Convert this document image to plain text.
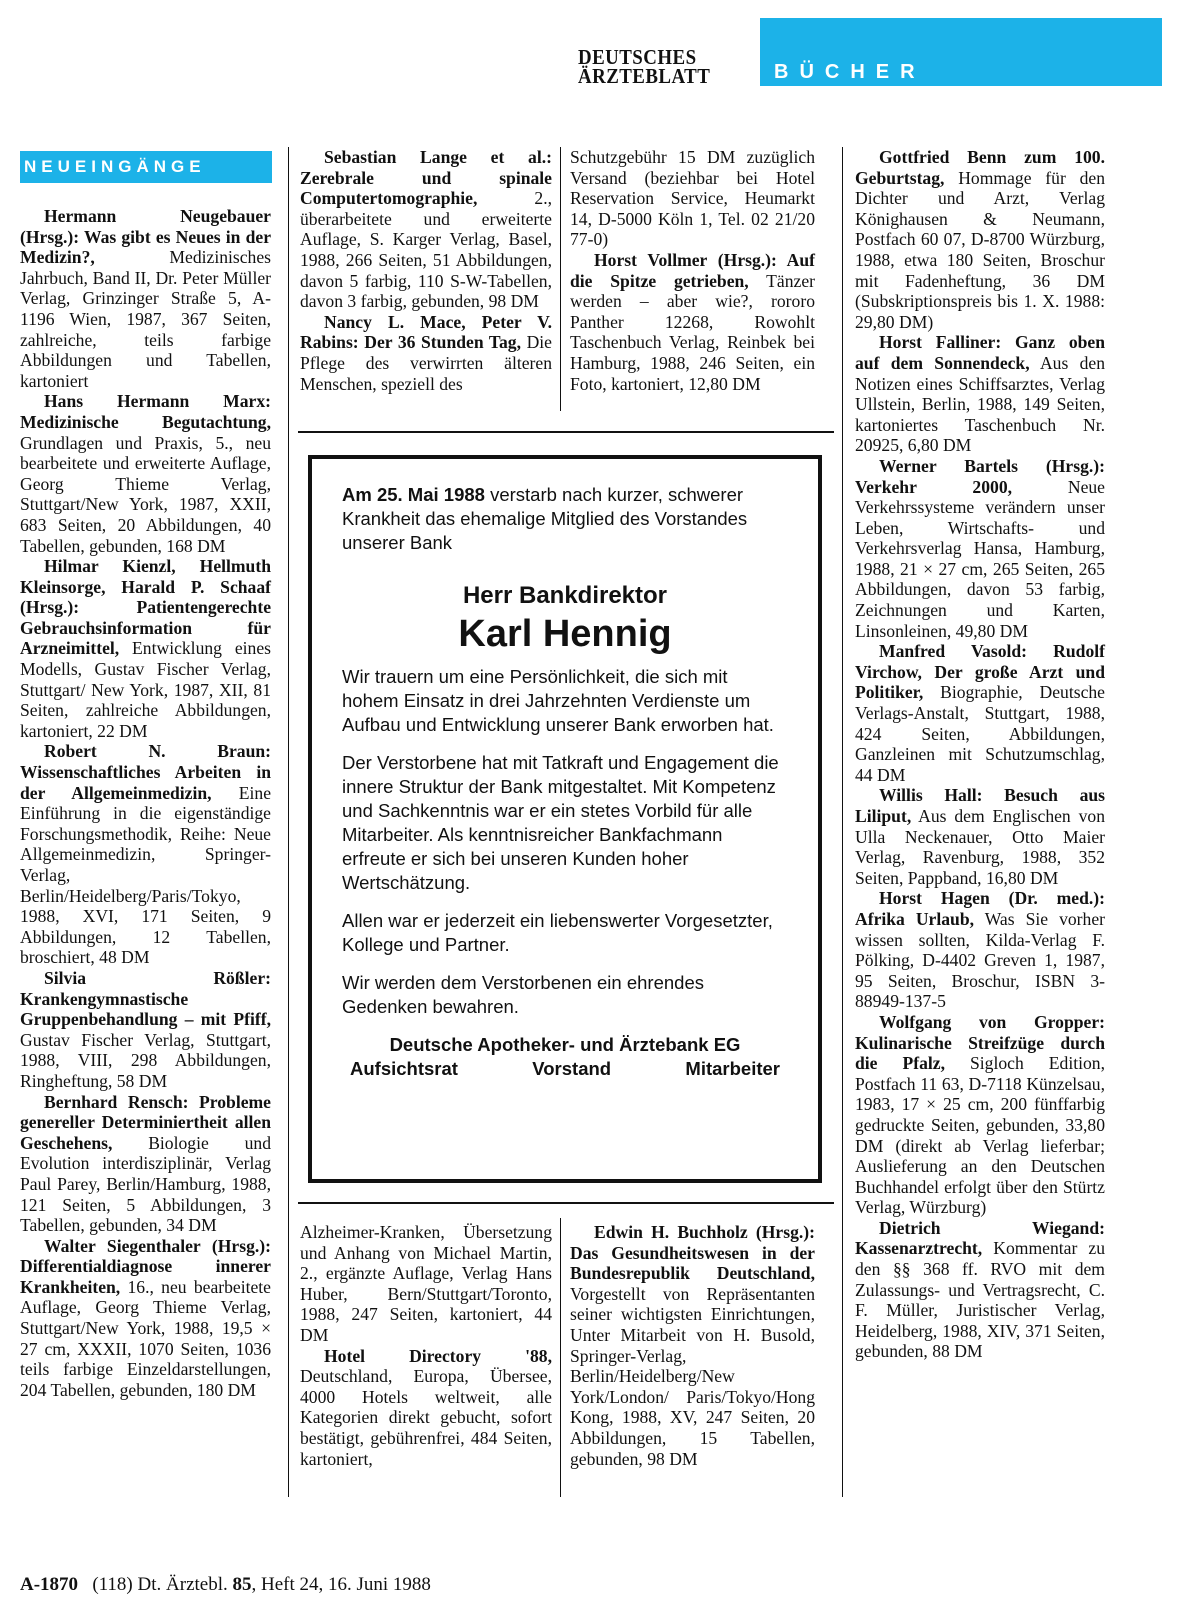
DEUTSCHES
ÄRZTEBLATT	BÜCHER
NEUEINGÄNGE

Hermann Neugebauer (Hrsg.): Was gibt es Neues in der Medizin?, Medizinisches Jahrbuch, Band II, Dr. Peter Müller Verlag, Grinzinger Straße 5, A-1196 Wien, 1987, 367 Seiten, zahlreiche, teils farbige Abbildungen und Tabellen, kartoniert

Hans Hermann Marx: Medizinische Begutachtung, Grundlagen und Praxis, 5., neu bearbeitete und erweiterte Auflage, Georg Thieme Verlag, Stuttgart/New York, 1987, XXII, 683 Seiten, 20 Abbildungen, 40 Tabellen, gebunden, 168 DM

Hilmar Kienzl, Hellmuth Kleinsorge, Harald P. Schaaf (Hrsg.): Patientengerechte Gebrauchsinformation für Arzneimittel, Entwicklung eines Modells, Gustav Fischer Verlag, Stuttgart/ New York, 1987, XII, 81 Seiten, zahlreiche Abbildungen, kartoniert, 22 DM

Robert N. Braun: Wissenschaftliches Arbeiten in der Allgemeinmedizin, Eine Einführung in die eigenständige Forschungsmethodik, Reihe: Neue Allgemeinmedizin, Springer-Verlag, Berlin/Heidelberg/Paris/Tokyo, 1988, XVI, 171 Seiten, 9 Abbildungen, 12 Tabellen, broschiert, 48 DM

Silvia Rößler: Krankengymnastische Gruppenbehandlung – mit Pfiff, Gustav Fischer Verlag, Stuttgart, 1988, VIII, 298 Abbildungen, Ringheftung, 58 DM

Bernhard Rensch: Probleme genereller Determiniertheit allen Geschehens, Biologie und Evolution interdisziplinär, Verlag Paul Parey, Berlin/Hamburg, 1988, 121 Seiten, 5 Abbildungen, 3 Tabellen, gebunden, 34 DM

Walter Siegenthaler (Hrsg.): Differentialdiagnose innerer Krankheiten, 16., neu bearbeitete Auflage, Georg Thieme Verlag, Stuttgart/New York, 1988, 19,5 × 27 cm, XXXII, 1070 Seiten, 1036 teils farbige Einzeldarstellungen, 204 Tabellen, gebunden, 180 DM

Sebastian Lange et al.: Zerebrale und spinale Computertomographie, 2., überarbeitete und erweiterte Auflage, S. Karger Verlag, Basel, 1988, 266 Seiten, 51 Abbildungen, davon 5 farbig, 110 S-W-Tabellen, davon 3 farbig, gebunden, 98 DM

Nancy L. Mace, Peter V. Rabins: Der 36 Stunden Tag, Die Pflege des verwirrten älteren Menschen, speziell des

Schutzgebühr 15 DM zuzüglich Versand (beziehbar bei Hotel Reservation Service, Heumarkt 14, D-5000 Köln 1, Tel. 02 21/20 77-0)

Horst Vollmer (Hrsg.): Auf die Spitze getrieben, Tänzer werden – aber wie?, rororo Panther 12268, Rowohlt Taschenbuch Verlag, Reinbek bei Hamburg, 1988, 246 Seiten, ein Foto, kartoniert, 12,80 DM

Gottfried Benn zum 100. Geburtstag, Hommage für den Dichter und Arzt, Verlag Könighausen & Neumann, Postfach 60 07, D-8700 Würzburg, 1988, etwa 180 Seiten, Broschur mit Fadenheftung, 36 DM (Subskriptionspreis bis 1. X. 1988: 29,80 DM)

Horst Falliner: Ganz oben auf dem Sonnendeck, Aus den Notizen eines Schiffsarztes, Verlag Ullstein, Berlin, 1988, 149 Seiten, kartoniertes Taschenbuch Nr. 20925, 6,80 DM

Werner Bartels (Hrsg.): Verkehr 2000, Neue Verkehrssysteme verändern unser Leben, Wirtschafts- und Verkehrsverlag Hansa, Hamburg, 1988, 21 × 27 cm, 265 Seiten, 265 Abbildungen, davon 53 farbig, Zeichnungen und Karten, Linsonleinen, 49,80 DM

Manfred Vasold: Rudolf Virchow, Der große Arzt und Politiker, Biographie, Deutsche Verlags-Anstalt, Stuttgart, 1988, 424 Seiten, Abbildungen, Ganzleinen mit Schutzumschlag, 44 DM

Willis Hall: Besuch aus Liliput, Aus dem Englischen von Ulla Neckenauer, Otto Maier Verlag, Ravenburg, 1988, 352 Seiten, Pappband, 16,80 DM

Horst Hagen (Dr. med.): Afrika Urlaub, Was Sie vorher wissen sollten, Kilda-Verlag F. Pölking, D-4402 Greven 1, 1987, 95 Seiten, Broschur, ISBN 3-88949-137-5

Wolfgang von Gropper: Kulinarische Streifzüge durch die Pfalz, Sigloch Edition, Postfach 11 63, D-7118 Künzelsau, 1983, 17 × 25 cm, 200 fünffarbig gedruckte Seiten, gebunden, 33,80 DM (direkt ab Verlag lieferbar; Auslieferung an den Deutschen Buchhandel erfolgt über den Stürtz Verlag, Würzburg)

Dietrich Wiegand: Kassenarztrecht, Kommentar zu den §§ 368 ff. RVO mit dem Zulassungs- und Vertragsrecht, C. F. Müller, Juristischer Verlag, Heidelberg, 1988, XIV, 371 Seiten, gebunden, 88 DM

Alzheimer-Kranken, Übersetzung und Anhang von Michael Martin, 2., ergänzte Auflage, Verlag Hans Huber, Bern/Stuttgart/Toronto, 1988, 247 Seiten, kartoniert, 44 DM

Hotel Directory '88, Deutschland, Europa, Übersee, 4000 Hotels weltweit, alle Kategorien direkt gebucht, sofort bestätigt, gebührenfrei, 484 Seiten, kartoniert,

Edwin H. Buchholz (Hrsg.): Das Gesundheitswesen in der Bundesrepublik Deutschland, Vorgestellt von Repräsentanten seiner wichtigsten Einrichtungen, Unter Mitarbeit von H. Busold, Springer-Verlag, Berlin/Heidelberg/New York/London/ Paris/Tokyo/Hong Kong, 1988, XV, 247 Seiten, 20 Abbildungen, 15 Tabellen, gebunden, 98 DM

Am 25. Mai 1988 verstarb nach kurzer, schwerer Krankheit das ehemalige Mitglied des Vorstandes unserer Bank

Herr Bankdirektor
Karl Hennig

Wir trauern um eine Persönlichkeit, die sich mit hohem Einsatz in drei Jahrzehnten Verdienste um Aufbau und Entwicklung unserer Bank erworben hat.

Der Verstorbene hat mit Tatkraft und Engagement die innere Struktur der Bank mitgestaltet. Mit Kompetenz und Sachkenntnis war er ein stetes Vorbild für alle Mitarbeiter. Als kenntnisreicher Bankfachmann erfreute er sich bei unseren Kunden hoher Wertschätzung.

Allen war er jederzeit ein liebenswerter Vorgesetzter, Kollege und Partner.

Wir werden dem Verstorbenen ein ehrendes Gedenken bewahren.

Deutsche Apotheker- und Ärztebank EG
Aufsichtsrat	Vorstand	Mitarbeiter
A-1870 (118) Dt. Ärztebl. 85, Heft 24, 16. Juni 1988
